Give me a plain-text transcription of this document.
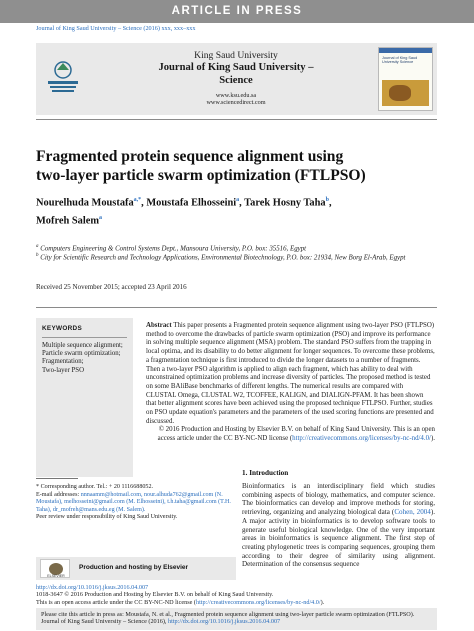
ARTICLE IN PRESS
Journal of King Saud University – Science (2016) xxx, xxx–xxx
King Saud University
Journal of King Saud University –
Science
www.ksu.edu.sa
www.sciencedirect.com
Journal of King Saud University Science
Fragmented protein sequence alignment using
two-layer particle swarm optimization (FTLPSO)
Nourelhuda Moustafa$^{a,*}$, Moustafa Elhosseini$^a$, Tarek Hosny Taha$^b$,
Mofreh Salem$^a$
$^a$ Computers Engineering & Control Systems Dept., Mansoura University, P.O. box: 35516, Egypt
$^b$ City for Scientific Research and Technology Applications, Environmental Biotechnology, P.O. box: 21934, New Borg El-Arab, Egypt
Received 25 November 2015; accepted 23 April 2016
KEYWORDS
Multiple sequence alignment;
Particle swarm optimization;
Fragmentation;
Two-layer PSO
Abstract This paper presents a Fragmented protein sequence alignment using two-layer PSO (FTLPSO) method to overcome the drawbacks of particle swarm optimization (PSO) and improve its performance in solving multiple sequence alignment (MSA) problem. The standard PSO suffers from the trapping in local optima, and its disability to do better alignment for longer sequences. To overcome these problems, a fragmentation technique is first introduced to divide the longer datasets to a number of fragments. Then a two-layer PSO algorithm is applied to align each fragment, which has ability to deal with unconstrained optimization problems and increase diversity of particles. The proposed method is tested on some BAliBase benchmarks of different lengths. The numerical results are compared with CLUSTAL Omega, CLUSTAL W2, TCOFFEE, KALIGN, and DIALIGN-PFAM. It has been shown that better alignment scores have been achieved using the proposed technique FTLPSO. Further, studies on PSO update equation's parameters and the parameters of the used scoring functions are presented and discussed.
© 2016 Production and Hosting by Elsevier B.V. on behalf of King Saud University. This is an open access article under the CC BY-NC-ND license (http://creativecommons.org/licenses/by-nc-nd/4.0/).
1. Introduction
Bioinformatics is an interdisciplinary field which studies combining aspects of biology, mathematics, and computer science. The bioinformatics can develop and improve methods for storing, retrieving, organizing and analyzing biological data (Cohen, 2004). A major activity in bioinformatics is to develop software tools to generate useful biological knowledge. One of the very important areas in bioinformatics is sequence alignment. The first step of creating phylogenetic trees is comparing sequences, grouping them according to their degree of similarity using alignment. Determination of the consensus sequence
* Corresponding author. Tel.: + 20 1116688052.
E-mail addresses: nnnaamm@hotmail.com, nour.alhuda762@gmail.com (N. Moustafa), melhosseini@gmail.com (M. Elhosseini), t.h.taha@gmail.com (T.H. Taha), dr_mofreh@mans.edu.eg (M. Salem).
Peer review under responsibility of King Saud University.
ELSEVIER
Production and hosting by Elsevier
http://dx.doi.org/10.1016/j.jksus.2016.04.007
1018-3647 © 2016 Production and Hosting by Elsevier B.V. on behalf of King Saud University.
This is an open access article under the CC BY-NC-ND license (http://creativecommons.org/licenses/by-nc-nd/4.0/).
Please cite this article in press as: Moustafa, N. et al., Fragmented protein sequence alignment using two-layer particle swarm optimization (FTLPSO). Journal of King Saud University – Science (2016), http://dx.doi.org/10.1016/j.jksus.2016.04.007
